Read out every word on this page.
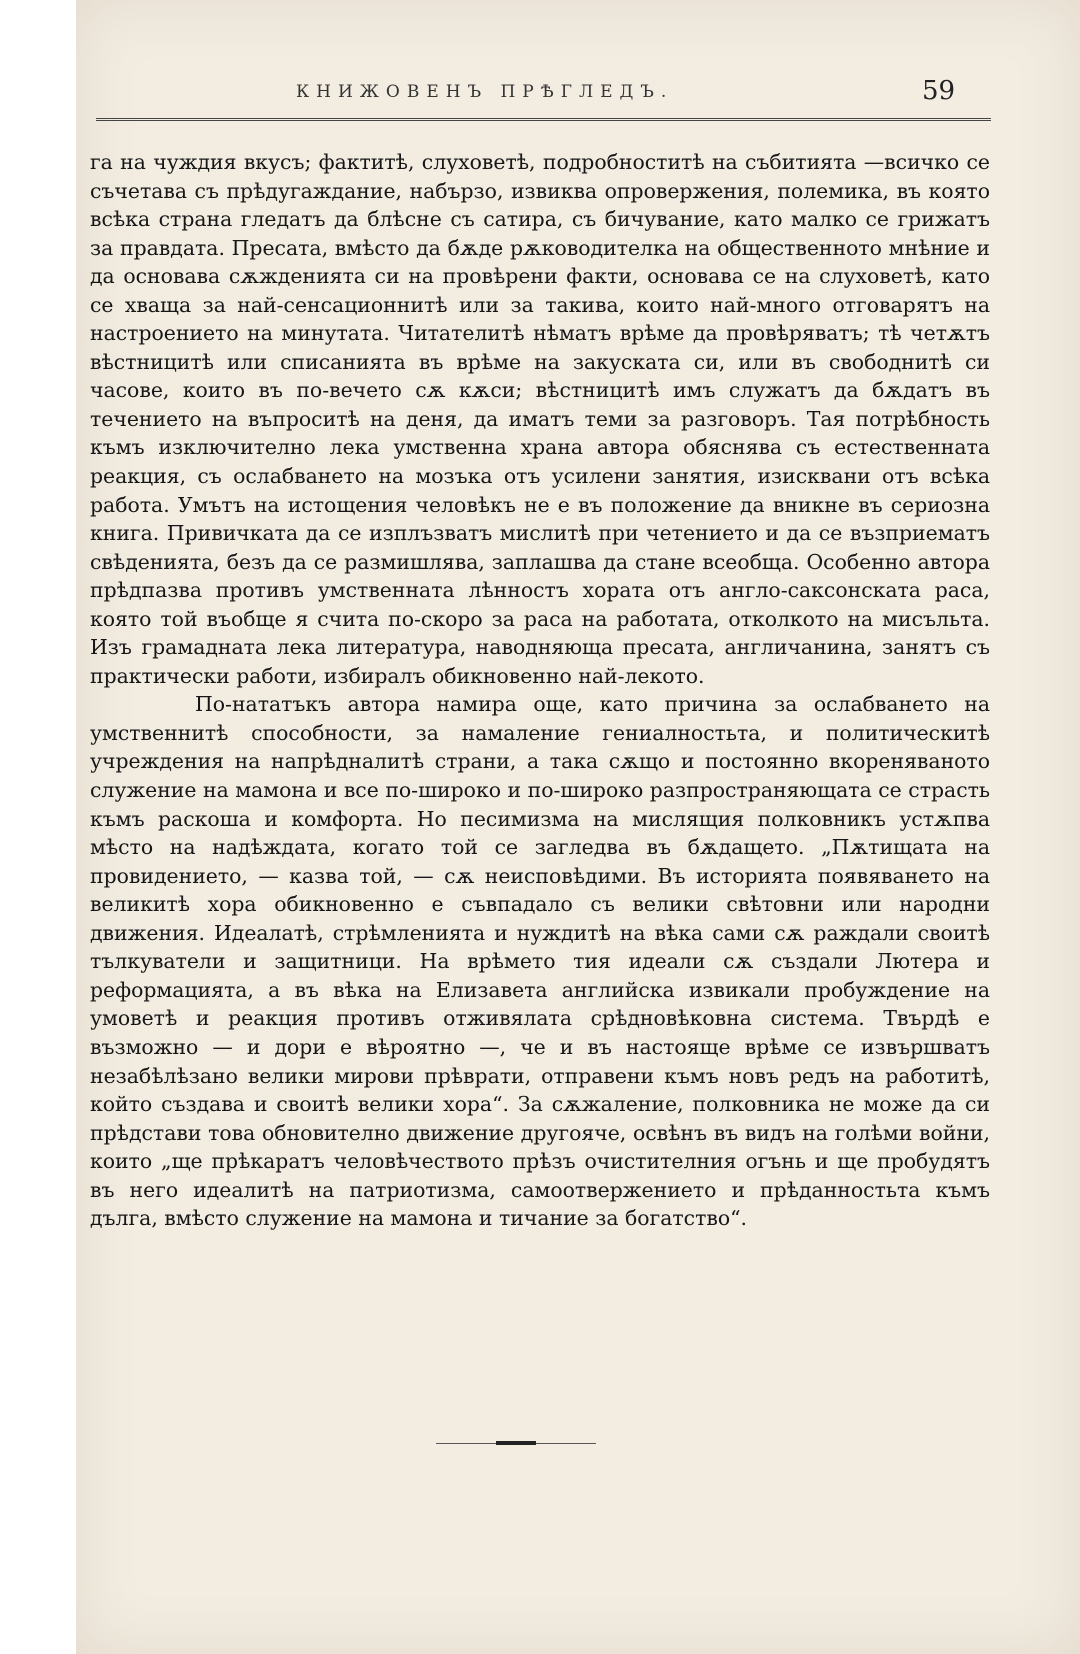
КНИЖОВЕНЪ ПРѢГЛЕДЪ.	59

га на чуждия вкусъ; фактитѣ, слуховетѣ, подробноститѣ на събитията —всичко се съчетава съ прѣдугаждание, набързо, извиква опровержения, полемика, въ която всѣка страна гледатъ да блѣснe съ сатира, съ бичувание, като малко се грижатъ за правдата. Пресата, вмѣсто да бѫде рѫководителка на общественното мнѣние и да основава сѫжденията си на провѣрени факти, основава се на слуховетѣ, като се хваща за най-сенсационнитѣ или за такива, които най-много отговарятъ на настроението на минутата. Читателитѣ нѣматъ врѣме да провѣряватъ; тѣ четѫтъ вѣстницитѣ или списанията въ врѣме на закуската си, или въ свободнитѣ си часове, които въ по-вечето сѫ кѫси; вѣстницитѣ имъ служатъ да бѫдатъ въ течението на въпроситѣ на деня, да иматъ теми за разговоръ. Тая потрѣбность къмъ изключително лека умственна храна автора обяснява съ естественната реакция, съ ослабването на мозъка отъ усилени занятия, изисквани отъ всѣка работа. Умътъ на истощения человѣкъ не е въ положение да вникне въ сериозна книга. Привичката да се изплъзватъ мислитѣ при четението и да се възприематъ свѣденията, безъ да се размишлява, заплашва да стане всеобща. Особенно автора прѣдпазва противъ умственната лѣнностъ хората отъ англо-саксонската раса, която той въобще я счита по-скоро за раса на работата, отколкото на мисъльта. Изъ грамадната лека литература, наводняюща пресата, англичанина, занятъ съ практически работи, избиралъ обикновенно най-лекото.

По-нататъкъ автора намира още, като причина за ослабването на умственнитѣ способности, за намаление гениалностьта, и политическитѣ учреждения на напрѣдналитѣ страни, а така сѫщо и постоянно вкоренявaното служение на мамона и все по-широко и по-широко разпространяющата се страсть къмъ раскоша и комфорта. Но песимизма на мислящия полковникъ устѫпва мѣсто на надѣждата, когато той се загледва въ бѫдащето. „Пѫтищата на провидението, — казва той, — сѫ неисповѣдими. Въ историята появяването на великитѣ хора обикновенно е съвпадало съ велики свѣтовни или народни движения. Идеалатѣ, стрѣмленията и нуждитѣ на вѣка сами сѫ раждали своитѣ тълкуватели и защитници. На врѣмето тия идеали сѫ създали Лютера и реформацията, а въ вѣка на Елизавета английска извикали пробуждение на умоветѣ и реакция противъ отживялата срѣдновѣковна система. Твърдѣ е възможно — и дори е вѣроятно —, че и въ настояще врѣме се извършватъ незабѣлѣзано велики мирови прѣврати, отправени къмъ новъ редъ на работитѣ, който създава и своитѣ велики хора“. За сѫжаление, полковника не може да си прѣдстави това обновително движение другояче, освѣнъ въ видъ на голѣми войни, които „ще прѣкаратъ человѣчеството прѣзъ очистителния огънь и ще пробудятъ въ него идеалитѣ на патриотизма, самоотвержението и прѣданностьта къмъ дълга, вмѣсто служение на мамона и тичание за богатство“.
